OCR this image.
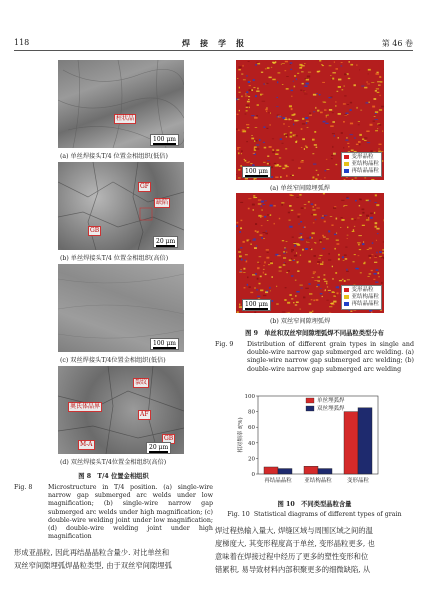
118	焊　接　学　报	第 46 卷
柱状晶
100 μm
(a) 单丝焊接头T/4 位置金相组织(低倍)
GF
缺陷
GB
20 μm
(b) 单丝焊接头T/4 位置金相组织(高倍)
100 μm
(c) 双丝焊接头T/4位置金相组织(低倍)
裂纹
奥氏体晶界
AF
GB
M-A	20 μm
(d) 双丝焊接头T/4位置金相组织(高倍)
图 8　T/4 位置金相组织
Fig. 8	Microstructure in T/4 position. (a) single-wire narrow gap submerged arc welds under low magnification; (b) single-wire narrow gap submerged arc welds under high magnification; (c) double-wire welding joint under low magnification; (d) double-wire welding joint under high magnification
变形晶粒
亚结构晶粒
再结晶晶粒
100 μm
(a) 单丝窄间隙埋弧焊
变形晶粒
亚结构晶粒
再结晶晶粒
100 μm
(b) 双丝窄间隙埋弧焊
图 9　单丝和双丝窄间隙埋弧焊不同晶粒类型分布
Fig. 9	Distribution of different grain types in single and double-wire narrow gap submerged arc welding. (a) single-wire narrow gap submerged arc welding; (b) double-wire narrow gap submerged arc welding
0
20
40
60
80
100
相对频率 f(%)
再结晶晶粒 亚结构晶粒	变形晶粒
单丝埋弧焊
双丝埋弧焊
图 10　不同类型晶粒含量
Fig. 10 Statistical diagrams of different types of grain
形成亚晶粒, 因此再结晶晶粒含量少. 对比单丝和
双丝窄间隙埋弧焊晶粒类型, 由于双丝窄间隙埋弧
焊过程热输入量大, 焊缝区域与周围区域之间的温
度梯度大, 其变形程度高于单丝, 变形晶粒更多, 也
意味着在焊接过程中经历了更多的塑性变形和位
错累积, 易导致材料内部积聚更多的细微缺陷, 从
